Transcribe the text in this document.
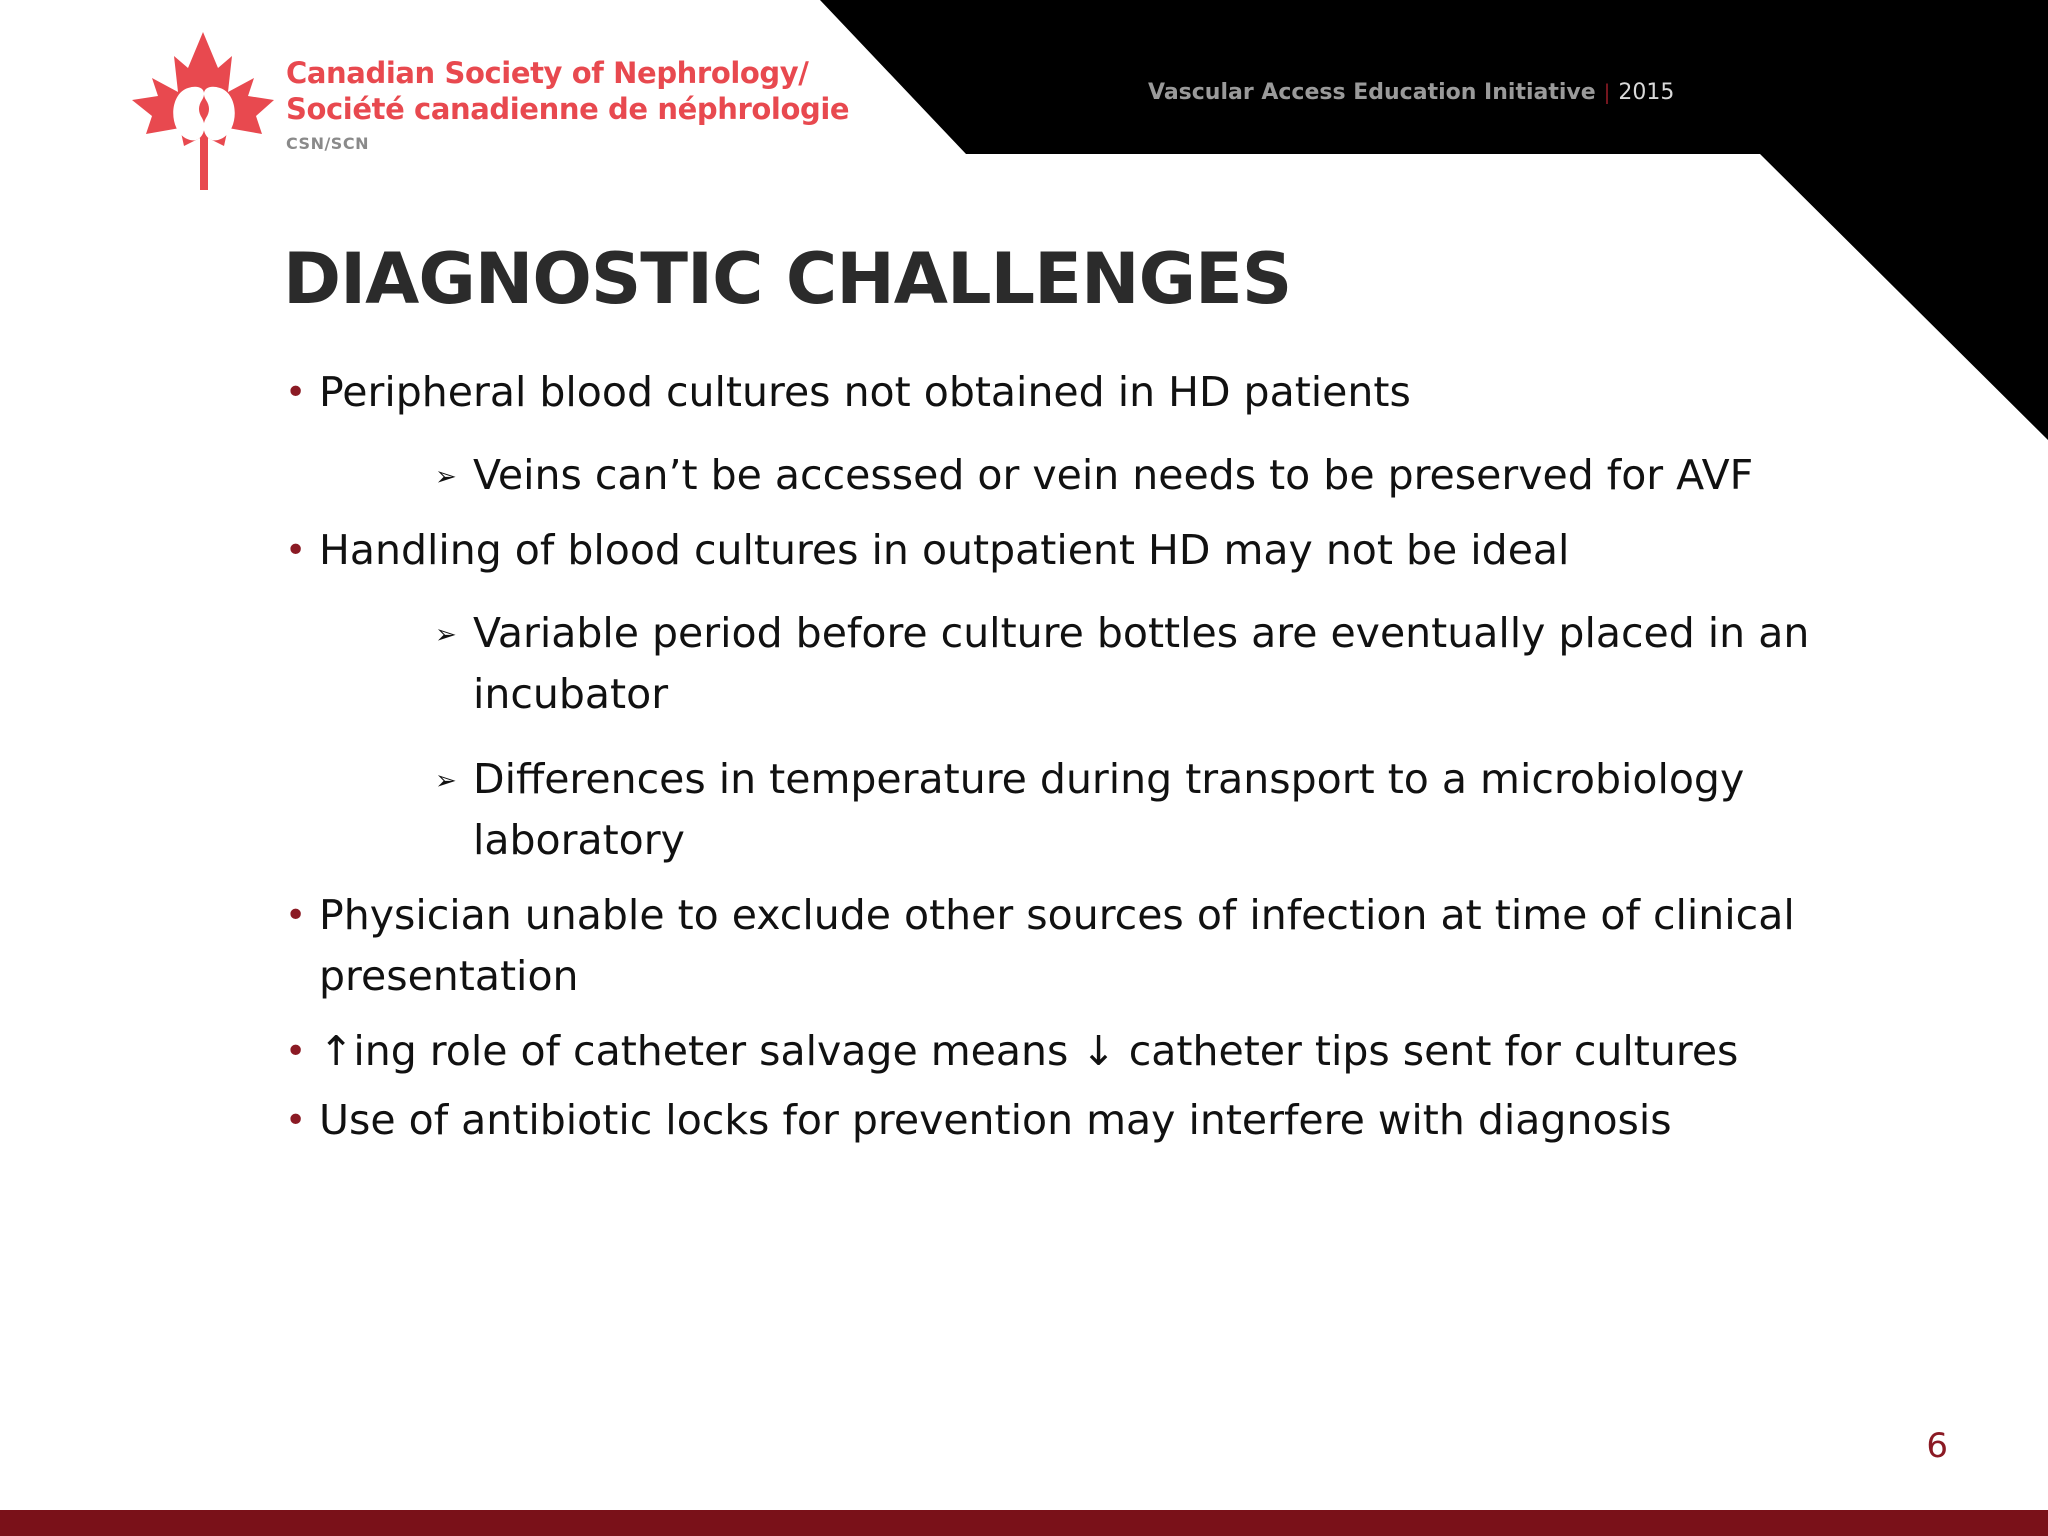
Canadian Society of Nephrology/
Société canadienne de néphrologie
CSN/SCN
Vascular Access Education Initiative | 2015
DIAGNOSTIC CHALLENGES

• Peripheral blood cultures not obtained in HD patients

➢ Veins can’t be accessed or vein needs to be preserved for AVF

• Handling of blood cultures in outpatient HD may not be ideal

➢ Variable period before culture bottles are eventually placed in an incubator

➢ Differences in temperature during transport to a microbiology laboratory

• Physician unable to exclude other sources of infection at time of clinical presentation

• ↑ing role of catheter salvage means ↓ catheter tips sent for cultures

• Use of antibiotic locks for prevention may interfere with diagnosis

6
